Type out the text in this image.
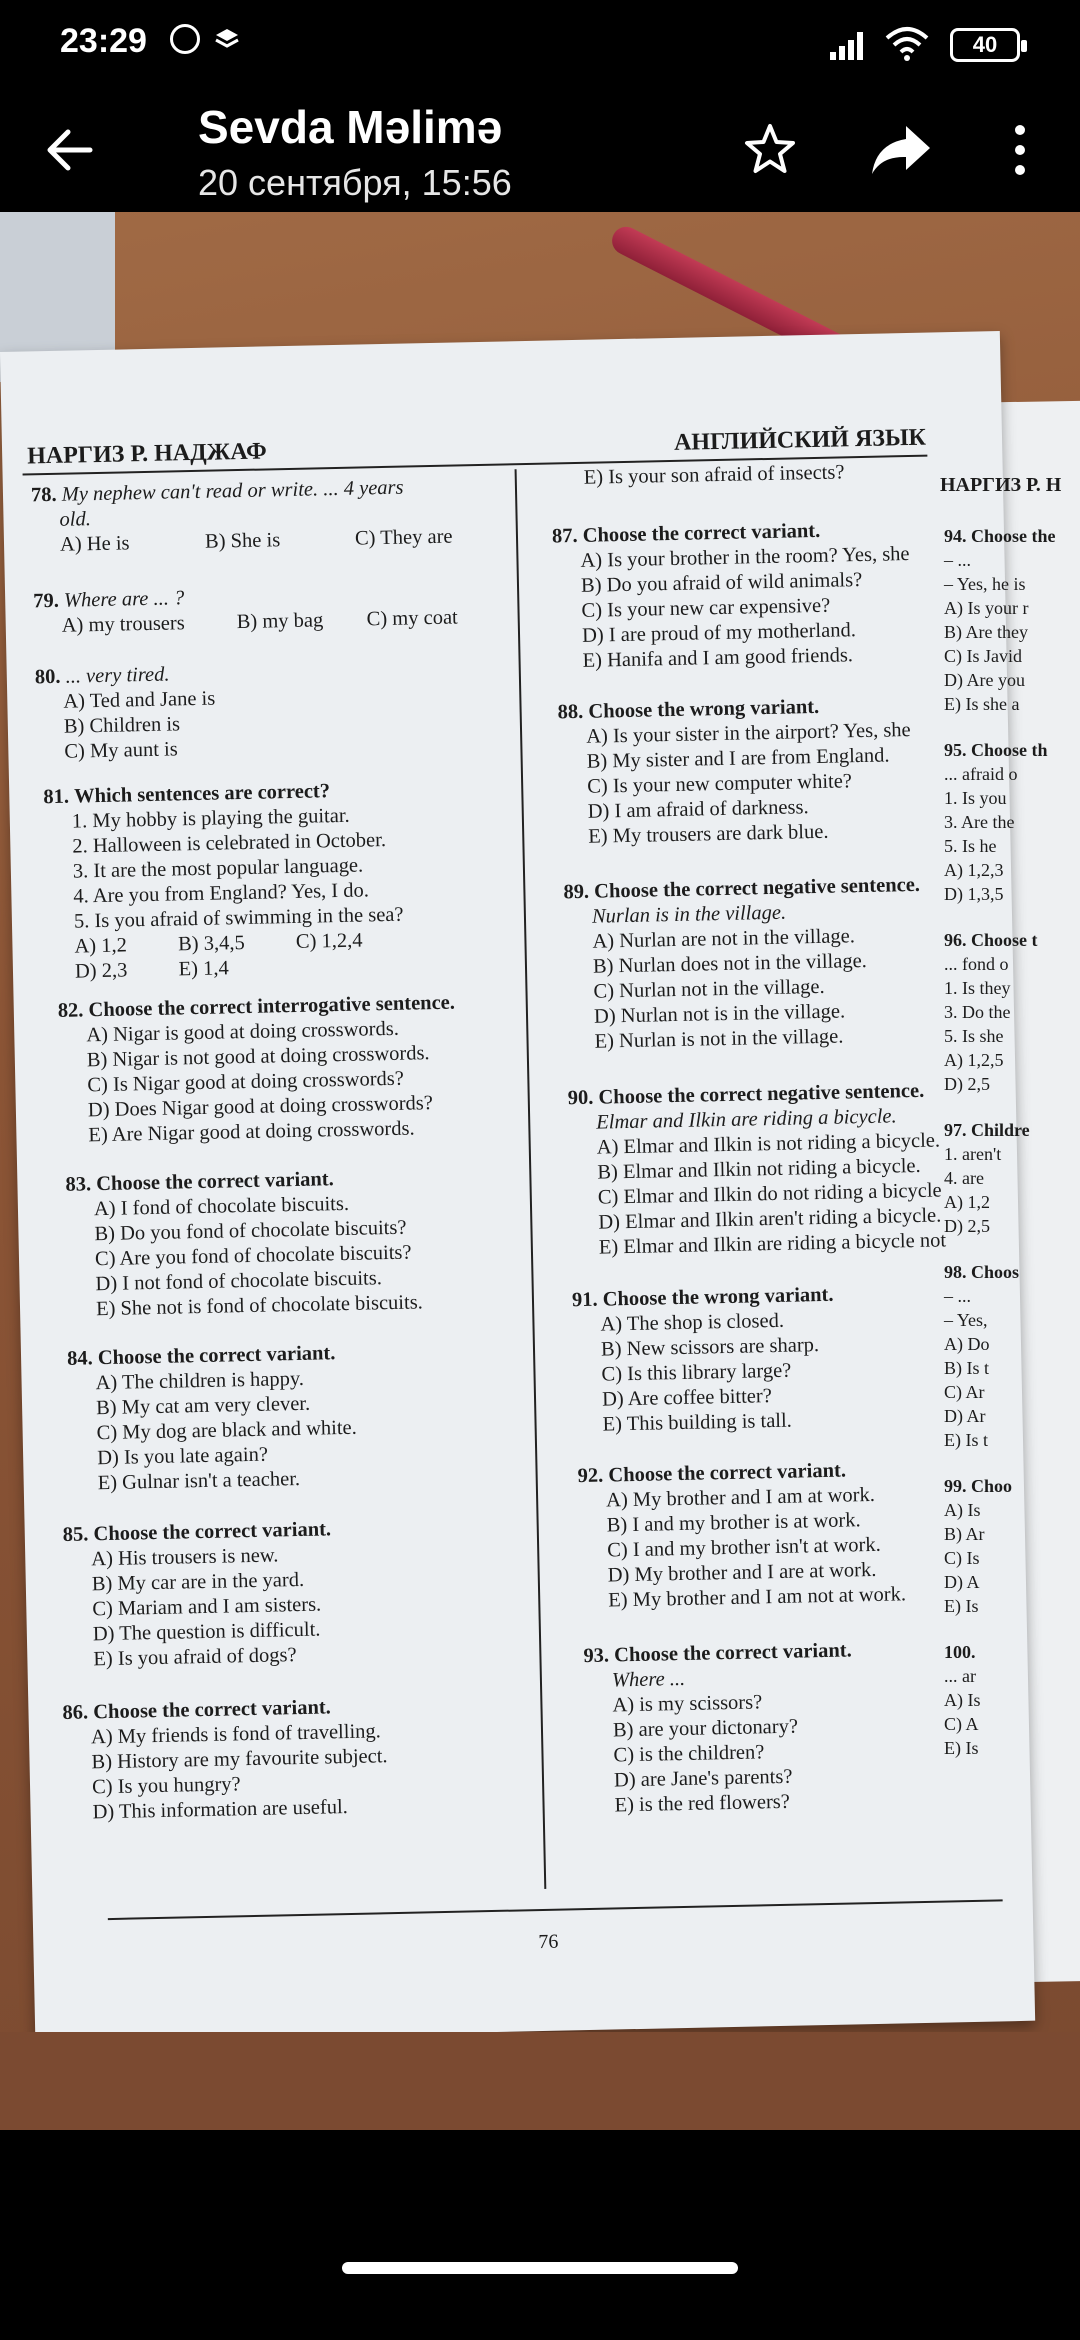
23:29	40
Sevda Məlimə
20 сентября, 15:56
НАРГИЗ Р. НАДЖАФ	АНГЛИЙСКИЙ ЯЗЫК
78. My nephew can't read or write. ... 4 years
old.
A) He is	B) She is	C) They are
79. Where are ... ?
A) my trousers	B) my bag	C) my coat
80. ... very tired.
A) Ted and Jane is
B) Children is
C) My aunt is
81. Which sentences are correct?
1. My hobby is playing the guitar.
2. Halloween is celebrated in October.
3. It are the most popular language.
4. Are you from England? Yes, I do.
5. Is you afraid of swimming in the sea?
A) 1,2          B) 3,4,5          C) 1,2,4
D) 2,3          E) 1,4
82. Choose the correct interrogative sentence.
A) Nigar is good at doing crosswords.
B) Nigar is not good at doing crosswords.
C) Is Nigar good at doing crosswords?
D) Does Nigar good at doing crosswords?
E) Are Nigar good at doing crosswords.
83. Choose the correct variant.
A) I fond of chocolate biscuits.
B) Do you fond of chocolate biscuits?
C) Are you fond of chocolate biscuits?
D) I not fond of chocolate biscuits.
E) She not is fond of chocolate biscuits.
84. Choose the correct variant.
A) The children is happy.
B) My cat am very clever.
C) My dog are black and white.
D) Is you late again?
E) Gulnar isn't a teacher.
85. Choose the correct variant.
A) His trousers is new.
B) My car are in the yard.
C) Mariam and I am sisters.
D) The question is difficult.
E) Is you afraid of dogs?
86. Choose the correct variant.
A) My friends is fond of travelling.
B) History are my favourite subject.
C) Is you hungry?
D) This information are useful.
E) Is your son afraid of insects?
87. Choose the correct variant.
A) Is your brother in the room? Yes, she
B) Do you afraid of wild animals?
C) Is your new car expensive?
D) I are proud of my motherland.
E) Hanifa and I am good friends.
88. Choose the wrong variant.
A) Is your sister in the airport? Yes, she
B) My sister and I are from England.
C) Is your new computer white?
D) I am afraid of darkness.
E) My trousers are dark blue.
89. Choose the correct negative sentence.
Nurlan is in the village.
A) Nurlan are not in the village.
B) Nurlan does not in the village.
C) Nurlan not in the village.
D) Nurlan not is in the village.
E) Nurlan is not in the village.
90. Choose the correct negative sentence.
Elmar and Ilkin are riding a bicycle.
A) Elmar and Ilkin is not riding a bicycle.
B) Elmar and Ilkin not riding a bicycle.
C) Elmar and Ilkin do not riding a bicycle
D) Elmar and Ilkin aren't riding a bicycle.
E) Elmar and Ilkin are riding a bicycle not
91. Choose the wrong variant.
A) The shop is closed.
B) New scissors are sharp.
C) Is this library large?
D) Are coffee bitter?
E) This building is tall.
92. Choose the correct variant.
A) My brother and I am at work.
B) I and my brother is at work.
C) I and my brother isn't at work.
D) My brother and I are at work.
E) My brother and I am not at work.
93. Choose the correct variant.
Where ...
A) is my scissors?
B) are your dictonary?
C) is the children?
D) are Jane's parents?
E) is the red flowers?
76
НАРГИЗ Р. Н
94. Choose the
– ...
– Yes, he is
A) Is your r
B) Are they
C) Is Javid
D) Are you
E) Is she a
95. Choose th
... afraid o
1. Is you
3. Are the
5. Is he
A) 1,2,3
D) 1,3,5
96. Choose t
... fond o
1. Is they
3. Do the
5. Is she
A) 1,2,5
D) 2,5
97. Childre
1. aren't
4. are
A) 1,2
D) 2,5
98. Choos
– ...
– Yes,
A) Do
B) Is t
C) Ar
D) Ar
E) Is t
99. Choo
A) Is
B) Ar
C) Is
D) A
E) Is
100.
... ar
A) Is
C) A
E) Is
